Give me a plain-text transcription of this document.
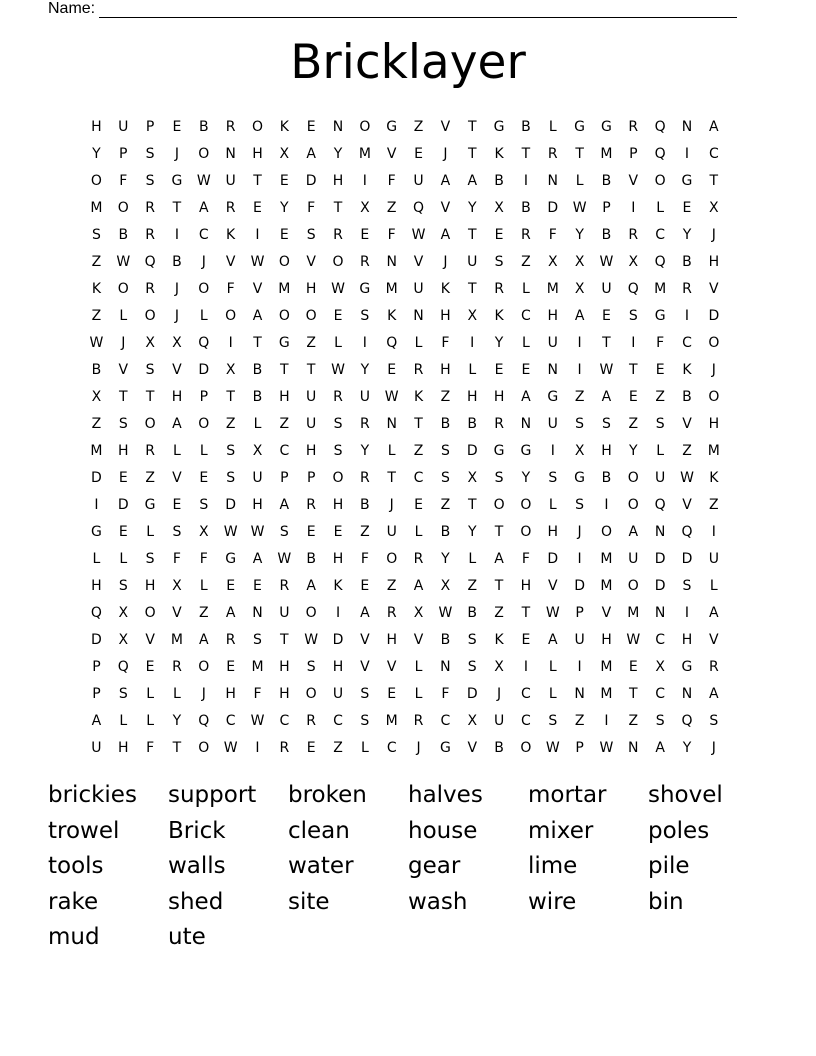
Name:
Bricklayer
H	U	P	E	B	R	O	K	E	N	O	G	Z	V	T	G	B	L	G	G	R	Q	N	A
Y	P	S	J	O	N	H	X	A	Y	M	V	E	J	T	K	T	R	T	M	P	Q	I	C
O	F	S	G	W	U	T	E	D	H	I	F	U	A	A	B	I	N	L	B	V	O	G	T
M	O	R	T	A	R	E	Y	F	T	X	Z	Q	V	Y	X	B	D	W	P	I	L	E	X
S	B	R	I	C	K	I	E	S	R	E	F	W	A	T	E	R	F	Y	B	R	C	Y	J
Z	W	Q	B	J	V	W	O	V	O	R	N	V	J	U	S	Z	X	X	W	X	Q	B	H
K	O	R	J	O	F	V	M	H	W	G	M	U	K	T	R	L	M	X	U	Q	M	R	V
Z	L	O	J	L	O	A	O	O	E	S	K	N	H	X	K	C	H	A	E	S	G	I	D
W	J	X	X	Q	I	T	G	Z	L	I	Q	L	F	I	Y	L	U	I	T	I	F	C	O
B	V	S	V	D	X	B	T	T	W	Y	E	R	H	L	E	E	N	I	W	T	E	K	J
X	T	T	H	P	T	B	H	U	R	U	W	K	Z	H	H	A	G	Z	A	E	Z	B	O
Z	S	O	A	O	Z	L	Z	U	S	R	N	T	B	B	R	N	U	S	S	Z	S	V	H
M	H	R	L	L	S	X	C	H	S	Y	L	Z	S	D	G	G	I	X	H	Y	L	Z	M
D	E	Z	V	E	S	U	P	P	O	R	T	C	S	X	S	Y	S	G	B	O	U	W	K
I	D	G	E	S	D	H	A	R	H	B	J	E	Z	T	O	O	L	S	I	O	Q	V	Z
G	E	L	S	X	W	W	S	E	E	Z	U	L	B	Y	T	O	H	J	O	A	N	Q	I
L	L	S	F	F	G	A	W	B	H	F	O	R	Y	L	A	F	D	I	M	U	D	D	U
H	S	H	X	L	E	E	R	A	K	E	Z	A	X	Z	T	H	V	D	M	O	D	S	L
Q	X	O	V	Z	A	N	U	O	I	A	R	X	W	B	Z	T	W	P	V	M	N	I	A
D	X	V	M	A	R	S	T	W	D	V	H	V	B	S	K	E	A	U	H	W	C	H	V
P	Q	E	R	O	E	M	H	S	H	V	V	L	N	S	X	I	L	I	M	E	X	G	R
P	S	L	L	J	H	F	H	O	U	S	E	L	F	D	J	C	L	N	M	T	C	N	A
A	L	L	Y	Q	C	W	C	R	C	S	M	R	C	X	U	C	S	Z	I	Z	S	Q	S
U	H	F	T	O	W	I	R	E	Z	L	C	J	G	V	B	O	W	P	W	N	A	Y	J
brickies	support	broken	halves	mortar	shovel
trowel	Brick	clean	house	mixer	poles
tools	walls	water	gear	lime	pile
rake	shed	site	wash	wire	bin
mud	ute
